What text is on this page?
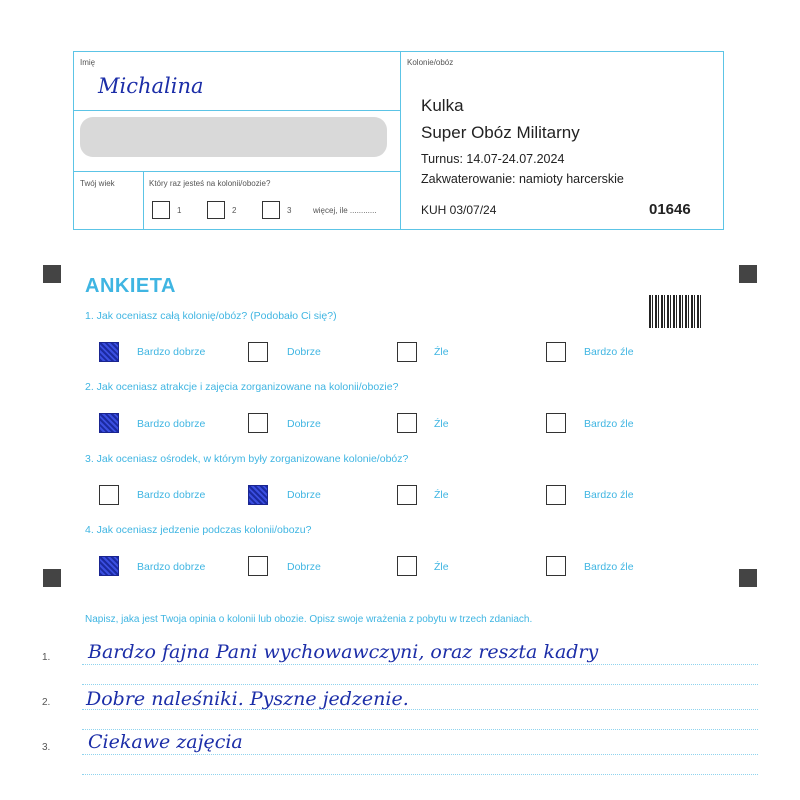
Imię
Michalina
Twój wiek	Który raz jesteś na kolonii/obozie?
1	2	3	więcej, ile ............
Kolonie/obóz
Kulka
Super Obóz Militarny
Turnus: 14.07-24.07.2024
Zakwaterowanie: namioty harcerskie
KUH 03/07/24	01646
ANKIETA
1. Jak oceniasz całą kolonię/obóz? (Podobało Ci się?)
Bardzo dobrze	Dobrze	Źle	Bardzo źle
2. Jak oceniasz atrakcje i zajęcia zorganizowane na kolonii/obozie?
Bardzo dobrze	Dobrze	Źle	Bardzo źle
3. Jak oceniasz ośrodek, w którym były zorganizowane kolonie/obóz?
Bardzo dobrze	Dobrze	Źle	Bardzo źle
4. Jak oceniasz jedzenie podczas kolonii/obozu?
Bardzo dobrze	Dobrze	Źle	Bardzo źle
Napisz, jaka jest Twoja opinia o kolonii lub obozie. Opisz swoje wrażenia z pobytu w trzech zdaniach.
1. Bardzo fajna Pani wychowawczyni, oraz reszta kadry
2. Dobre naleśniki. Pyszne jedzenie.
3. Ciekawe zajęcia
